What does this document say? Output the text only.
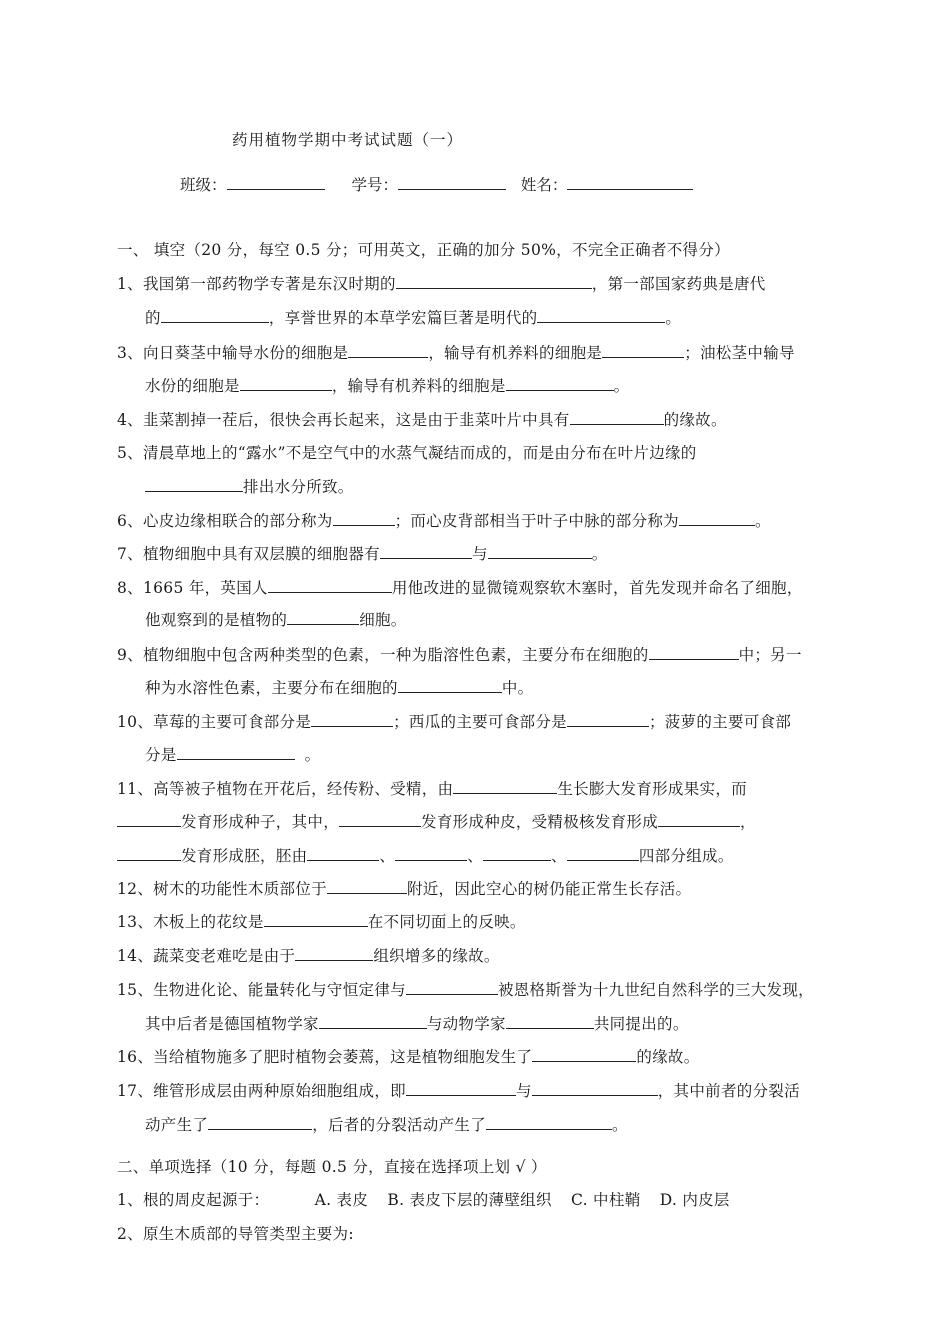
药用植物学期中考试试题（一）
班级：	学号：	姓名：
一、 填空（20 分，每空 0.5 分；可用英文，正确的加分 50%，不完全正确者不得分）
1、我国第一部药物学专著是东汉时期的	，第一部国家药典是唐代
的	，享誉世界的本草学宏篇巨著是明代的	。
3、向日葵茎中输导水份的细胞是	，输导有机养料的细胞是	；油松茎中输导
水份的细胞是	，输导有机养料的细胞是	。
4、韭菜割掉一茬后，很快会再长起来，这是由于韭菜叶片中具有	的缘故。
5、清晨草地上的“露水”不是空气中的水蒸气凝结而成的，而是由分布在叶片边缘的
排出水分所致。
6、心皮边缘相联合的部分称为	；而心皮背部相当于叶子中脉的部分称为	。
7、植物细胞中具有双层膜的细胞器有	与	。
8、1665 年，英国人	用他改进的显微镜观察软木塞时，首先发现并命名了细胞，
他观察到的是植物的	细胞。
9、植物细胞中包含两种类型的色素，一种为脂溶性色素，主要分布在细胞的	中；另一
种为水溶性色素，主要分布在细胞的	中。
10、草莓的主要可食部分是	；西瓜的主要可食部分是	；菠萝的主要可食部
分是	。
11、高等被子植物在开花后，经传粉、受精，由	生长膨大发育形成果实，而
发育形成种子，其中，	发育形成种皮，受精极核发育形成	，
发育形成胚，胚由	、	、	、	四部分组成。
12、树木的功能性木质部位于	附近，因此空心的树仍能正常生长存活。
13、木板上的花纹是	在不同切面上的反映。
14、蔬菜变老难吃是由于	组织增多的缘故。
15、生物进化论、能量转化与守恒定律与	被恩格斯誉为十九世纪自然科学的三大发现，
其中后者是德国植物学家	与动物学家	共同提出的。
16、当给植物施多了肥时植物会萎蔫，这是植物细胞发生了	的缘故。
17、维管形成层由两种原始细胞组成，即	与	，其中前者的分裂活
动产生了	，后者的分裂活动产生了	。
二、单项选择（10 分，每题 0.5 分，直接在选择项上划 √ ）
1、根的周皮起源于：	A. 表皮 B. 表皮下层的薄壁组织 C. 中柱鞘 D. 内皮层
2、原生木质部的导管类型主要为:
